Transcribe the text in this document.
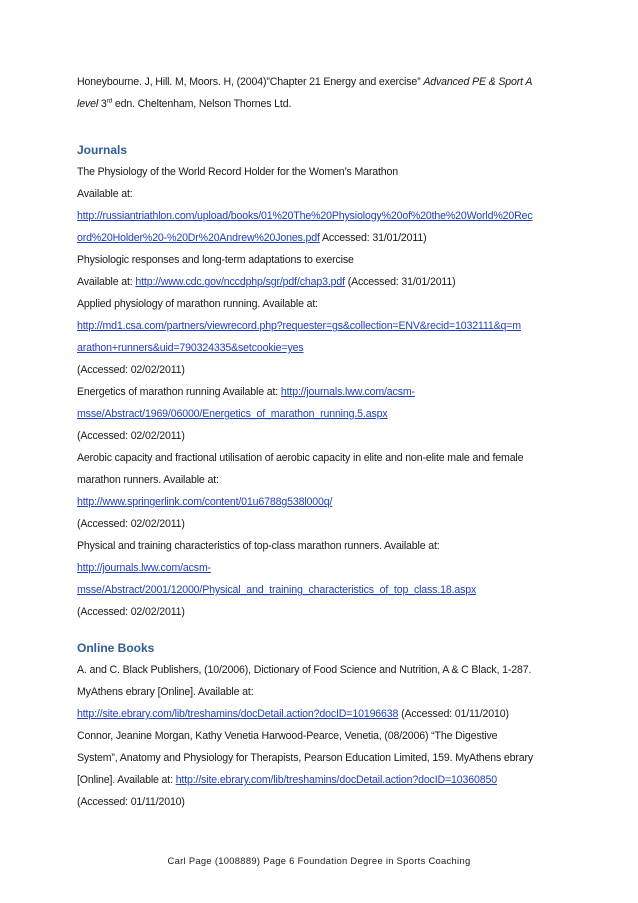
Honeybourne. J, Hill. M, Moors. H, (2004)”Chapter 21 Energy and exercise” Advanced PE & Sport A
level 3rd edn. Cheltenham, Nelson Thornes Ltd.
Journals
The Physiology of the World Record Holder for the Women’s Marathon
Available at:
http://russiantriathlon.com/upload/books/01%20The%20Physiology%20of%20the%20World%20Rec
ord%20Holder%20-%20Dr%20Andrew%20Jones.pdf Accessed: 31/01/2011)
Physiologic responses and long-term adaptations to exercise
Available at: http://www.cdc.gov/nccdphp/sgr/pdf/chap3.pdf (Accessed: 31/01/2011)
Applied physiology of marathon running. Available at:
http://md1.csa.com/partners/viewrecord.php?requester=gs&collection=ENV&recid=1032111&q=m
arathon+runners&uid=790324335&setcookie=yes
(Accessed: 02/02/2011)
Energetics of marathon running Available at: http://journals.lww.com/acsm-
msse/Abstract/1969/06000/Energetics_of_marathon_running.5.aspx
(Accessed: 02/02/2011)
Aerobic capacity and fractional utilisation of aerobic capacity in elite and non-elite male and female
marathon runners. Available at:
http://www.springerlink.com/content/01u6788g538l000q/
(Accessed: 02/02/2011)
Physical and training characteristics of top-class marathon runners. Available at:
http://journals.lww.com/acsm-
msse/Abstract/2001/12000/Physical_and_training_characteristics_of_top_class.18.aspx
(Accessed: 02/02/2011)
Online Books
A. and C. Black Publishers, (10/2006), Dictionary of Food Science and Nutrition, A & C Black, 1-287.
MyAthens ebrary [Online]. Available at:
http://site.ebrary.com/lib/treshamins/docDetail.action?docID=10196638 (Accessed: 01/11/2010)
Connor, Jeanine Morgan, Kathy Venetia Harwood-Pearce, Venetia, (08/2006) “The Digestive
System”, Anatomy and Physiology for Therapists, Pearson Education Limited, 159. MyAthens ebrary
[Online]. Available at: http://site.ebrary.com/lib/treshamins/docDetail.action?docID=10360850
(Accessed: 01/11/2010)
Carl Page (1008889) Page 6 Foundation Degree in Sports Coaching
